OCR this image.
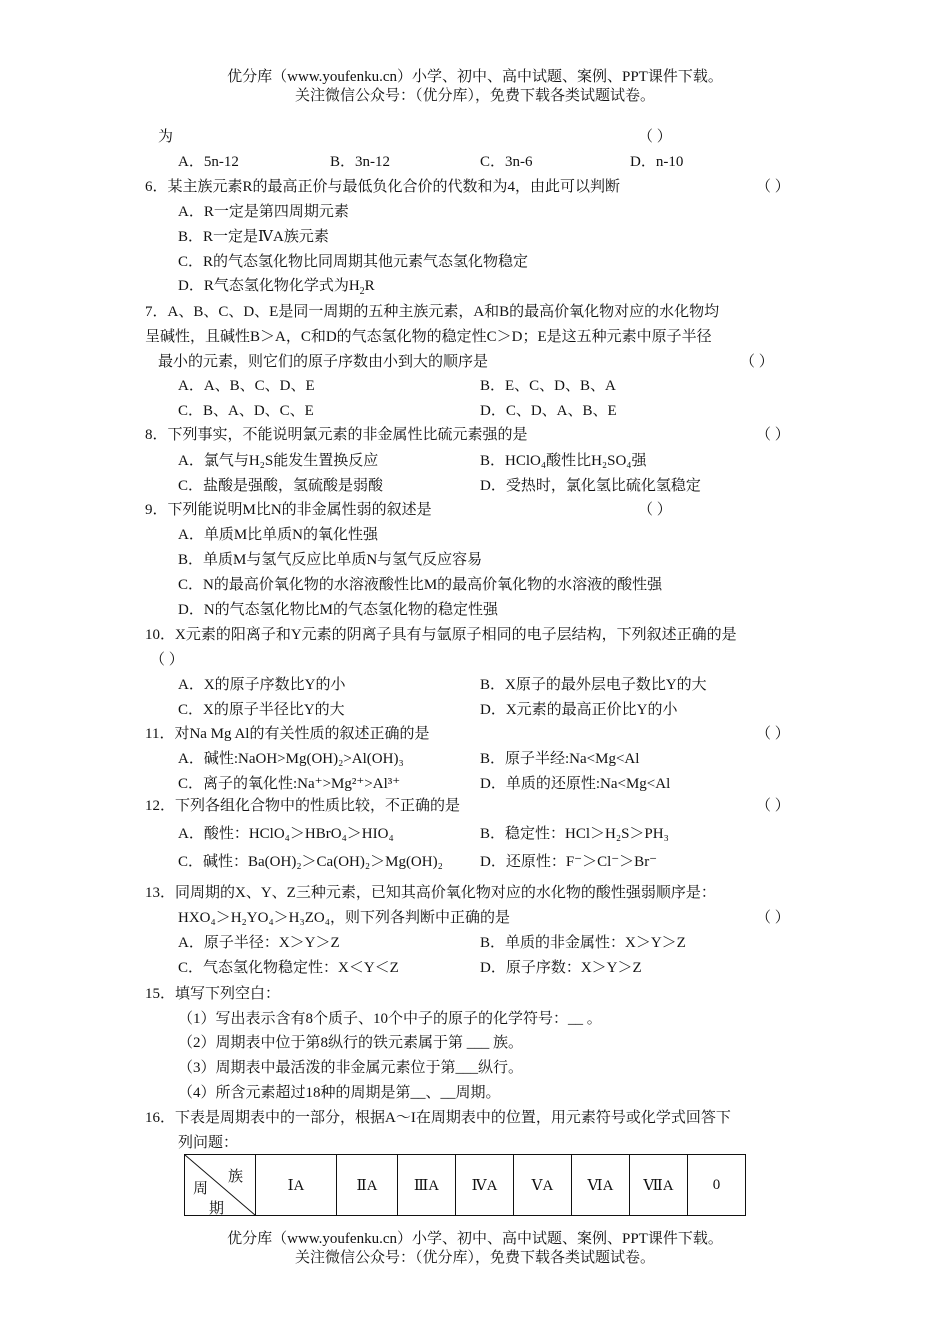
优分库（www.youfenku.cn）小学、初中、高中试题、案例、PPT课件下载。
关注微信公众号：（优分库），免费下载各类试题试卷。
为	（ ）
A．5n-12	B．3n-12	C．3n-6	D．n-10
6．某主族元素R的最高正价与最低负化合价的代数和为4，由此可以判断	（ ）
A．R一定是第四周期元素
B．R一定是ⅣA族元素
C．R的气态氢化物比同周期其他元素气态氢化物稳定
D．R气态氢化物化学式为$H_2R$
7．A、B、C、D、E是同一周期的五种主族元素，A和B的最高价氧化物对应的水化物均
呈碱性，且碱性B＞A，C和D的气态氢化物的稳定性C＞D；E是这五种元素中原子半径
最小的元素，则它们的原子序数由小到大的顺序是	（ ）
A．A、B、C、D、E	B．E、C、D、B、A
C．B、A、D、C、E	D．C、D、A、B、E
8．下列事实，不能说明氯元素的非金属性比硫元素强的是	（ ）
A．氯气与H₂S能发生置换反应	B．HClO₄酸性比H₂SO₄强
C．盐酸是强酸，氢硫酸是弱酸	D．受热时，氯化氢比硫化氢稳定
9．下列能说明M比N的非金属性弱的叙述是	（ ）
A．单质M比单质N的氧化性强
B．单质M与氢气反应比单质N与氢气反应容易
C．N的最高价氧化物的水溶液酸性比M的最高价氧化物的水溶液的酸性强
D．N的气态氢化物比M的气态氢化物的稳定性强
10．X元素的阳离子和Y元素的阴离子具有与氩原子相同的电子层结构，下列叙述正确的是
（ ）
A．X的原子序数比Y的小	B．X原子的最外层电子数比Y的大
C．X的原子半径比Y的大	D．X元素的最高正价比Y的小
11．对Na Mg Al的有关性质的叙述正确的是	（ ）
A．碱性:NaOH>Mg(OH)₂>Al(OH)₃	B．原子半经:Na<Mg<Al
C．离子的氧化性:Na⁺>Mg²⁺>Al³⁺	D．单质的还原性:Na<Mg<Al
12．下列各组化合物中的性质比较，不正确的是	（ ）
A．酸性：HClO₄＞HBrO₄＞HIO₄	B．稳定性：HCl＞H₂S＞PH₃
C．碱性：Ba(OH)₂＞Ca(OH)₂＞Mg(OH)₂ D．还原性：F⁻＞Cl⁻＞Br⁻
13．同周期的X、Y、Z三种元素，已知其高价氧化物对应的水化物的酸性强弱顺序是：
HXO₄＞H₂YO₄＞H₃ZO₄，则下列各判断中正确的是	（ ）
A．原子半径：X＞Y＞Z	B．单质的非金属性：X＞Y＞Z
C．气态氢化物稳定性：X＜Y＜Z	D．原子序数：X＞Y＞Z
15．填写下列空白：
（1）写出表示含有8个质子、10个中子的原子的化学符号：__ 。
（2）周期表中位于第8纵行的铁元素属于第 ___ 族。
（3）周期表中最活泼的非金属元素位于第___纵行。
（4）所含元素超过18种的周期是第__、__周期。
16．下表是周期表中的一部分，根据A～I在周期表中的位置，用元素符号或化学式回答下
列问题：
族
周
期
	ⅠA	ⅡA	ⅢA	ⅣA	ⅤA	ⅥA	ⅦA	0
优分库（www.youfenku.cn）小学、初中、高中试题、案例、PPT课件下载。
关注微信公众号：（优分库），免费下载各类试题试卷。
